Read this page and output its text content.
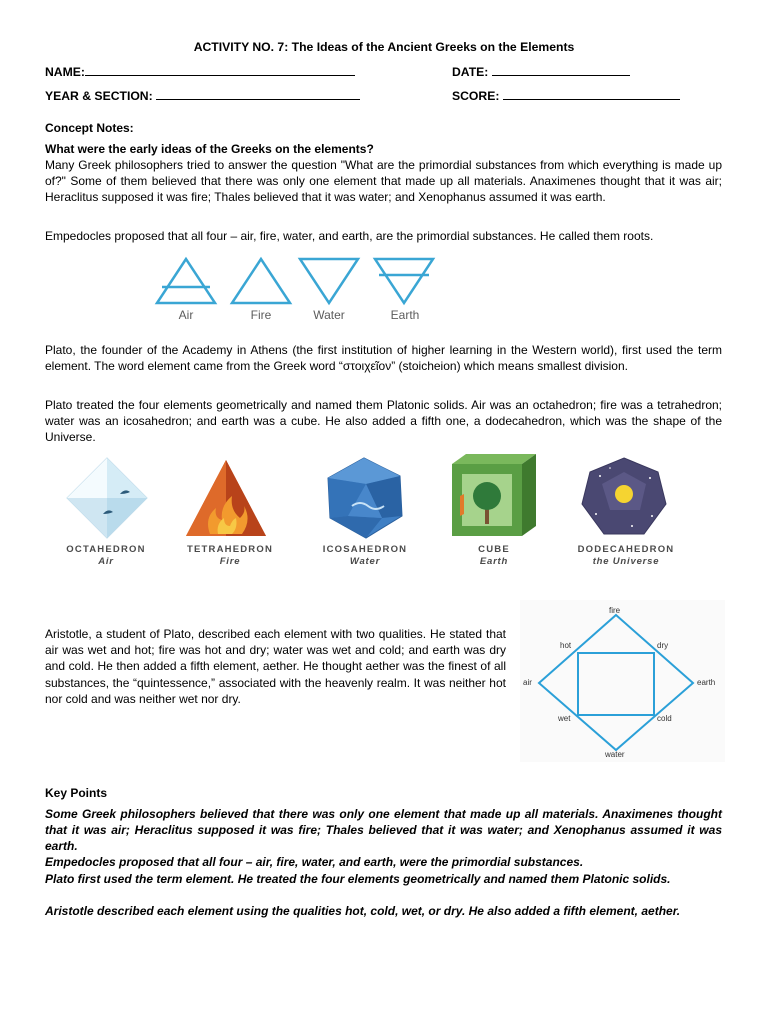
ACTIVITY NO. 7: The Ideas of the Ancient Greeks on the Elements
NAME:	DATE:
YEAR & SECTION:	SCORE:
Concept Notes:
What were the early ideas of the Greeks on the elements?

Many Greek philosophers tried to answer the question "What are the primordial substances from which everything is made up of?" Some of them believed that there was only one element that made up all materials. Anaximenes thought that it was air; Heraclitus supposed it was fire; Thales believed that it was water; and Xenophanus assumed it was earth.

Empedocles proposed that all four – air, fire, water, and earth, are the primordial substances. He called them roots.

Air	Fire	Water	Earth

Plato, the founder of the Academy in Athens (the first institution of higher learning in the Western world), first used the term element. The word element came from the Greek word “στοιχεῖον” (stoicheion) which means smallest division.

Plato treated the four elements geometrically and named them Platonic solids. Air was an octahedron; fire was a tetrahedron; water was an icosahedron; and earth was a cube. He also added a fifth one, a dodecahedron, which was the shape of the Universe.

OCTAHEDRON
Air
TETRAHEDRON
Fire
ICOSAHEDRON
Water
CUBE
Earth
DODECAHEDRON
the Universe

Aristotle, a student of Plato, described each element with two qualities. He stated that air was wet and hot; fire was hot and dry; water was wet and cold; and earth was dry and cold. He then added a fifth element, aether. He thought aether was the finest of all substances, the “quintessence,” associated with the heavenly realm. It was neither hot nor cold and was neither wet nor dry.

fire
air	earth
water
hot	dry
wet	cold
Key Points

Some Greek philosophers believed that there was only one element that made up all materials. Anaximenes thought that it was air; Heraclitus supposed it was fire; Thales believed that it was water; and Xenophanus assumed it was earth.

Empedocles proposed that all four – air, fire, water, and earth, were the primordial substances.

Plato first used the term element. He treated the four elements geometrically and named them Platonic solids.

Aristotle described each element using the qualities hot, cold, wet, or dry. He also added a fifth element, aether.
